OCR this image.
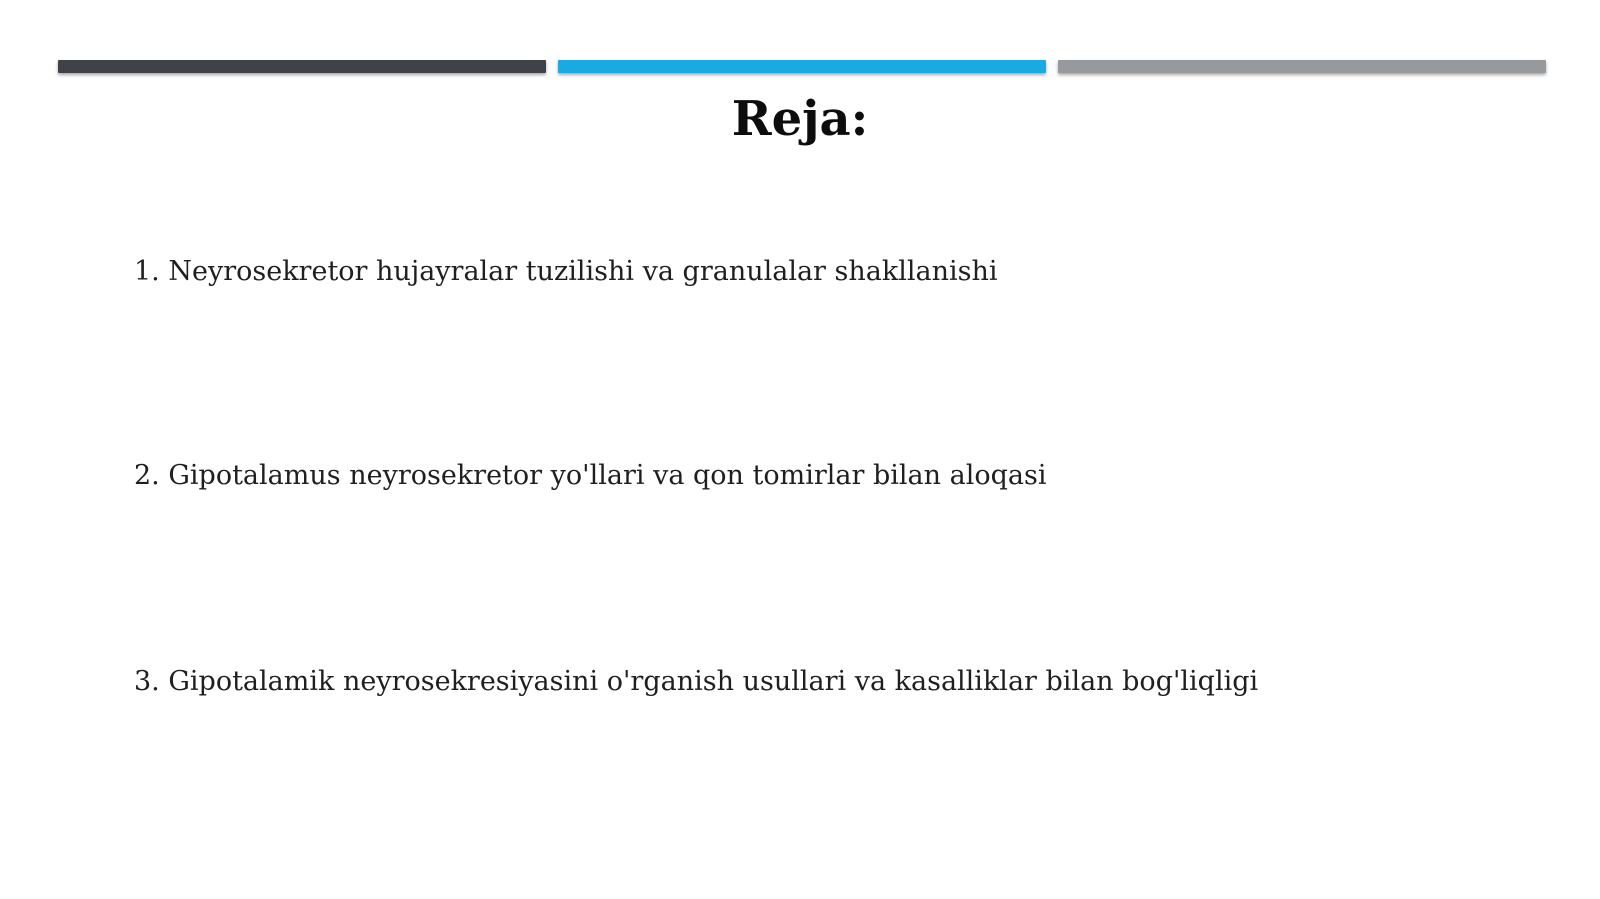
Reja:
1. Neyrosekretor hujayralar tuzilishi va granulalar shakllanishi
2. Gipotalamus neyrosekretor yo'llari va qon tomirlar bilan aloqasi
3. Gipotalamik neyrosekresiyasini o'rganish usullari va kasalliklar bilan bog'liqligi
